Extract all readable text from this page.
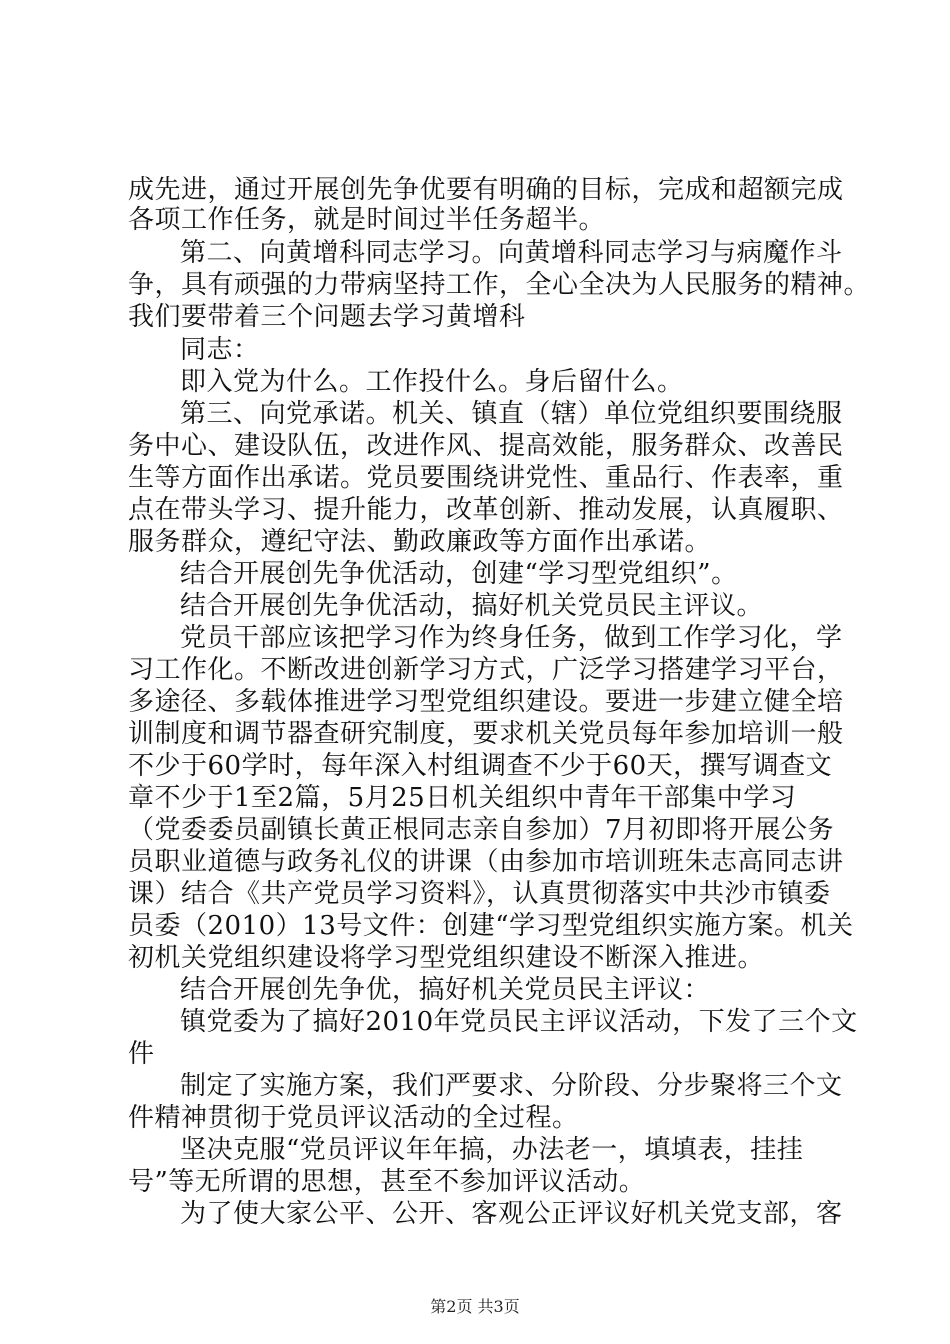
成先进，通过开展创先争优要有明确的目标，完成和超额完成
各项工作任务，就是时间过半任务超半。
第二、向黄增科同志学习。向黄增科同志学习与病魔作斗
争，具有顽强的力带病坚持工作，全心全决为人民服务的精神。
我们要带着三个问题去学习黄增科
同志：
即入党为什么。工作投什么。身后留什么。
第三、向党承诺。机关、镇直（辖）单位党组织要围绕服
务中心、建设队伍，改进作风、提高效能，服务群众、改善民
生等方面作出承诺。党员要围绕讲党性、重品行、作表率，重
点在带头学习、提升能力，改革创新、推动发展，认真履职、
服务群众，遵纪守法、勤政廉政等方面作出承诺。
结合开展创先争优活动，创建“学习型党组织”。
结合开展创先争优活动，搞好机关党员民主评议。
党员干部应该把学习作为终身任务，做到工作学习化，学
习工作化。不断改进创新学习方式，广泛学习搭建学习平台，
多途径、多载体推进学习型党组织建设。要进一步建立健全培
训制度和调节器查研究制度，要求机关党员每年参加培训一般
不少于60学时，每年深入村组调查不少于60天，撰写调查文
章不少于1至2篇，5月25日机关组织中青年干部集中学习
（党委委员副镇长黄正根同志亲自参加）7月初即将开展公务
员职业道德与政务礼仪的讲课（由参加市培训班朱志高同志讲
课）结合《共产党员学习资料》，认真贯彻落实中共沙市镇委
员委（2010）13号文件：创建“学习型党组织实施方案。机关
初机关党组织建设将学习型党组织建设不断深入推进。
结合开展创先争优，搞好机关党员民主评议：
镇党委为了搞好2010年党员民主评议活动，下发了三个文
件
制定了实施方案，我们严要求、分阶段、分步聚将三个文
件精神贯彻于党员评议活动的全过程。
坚决克服“党员评议年年搞，办法老一，填填表，挂挂
号”等无所谓的思想，甚至不参加评议活动。
为了使大家公平、公开、客观公正评议好机关党支部，客
第2页 共3页
